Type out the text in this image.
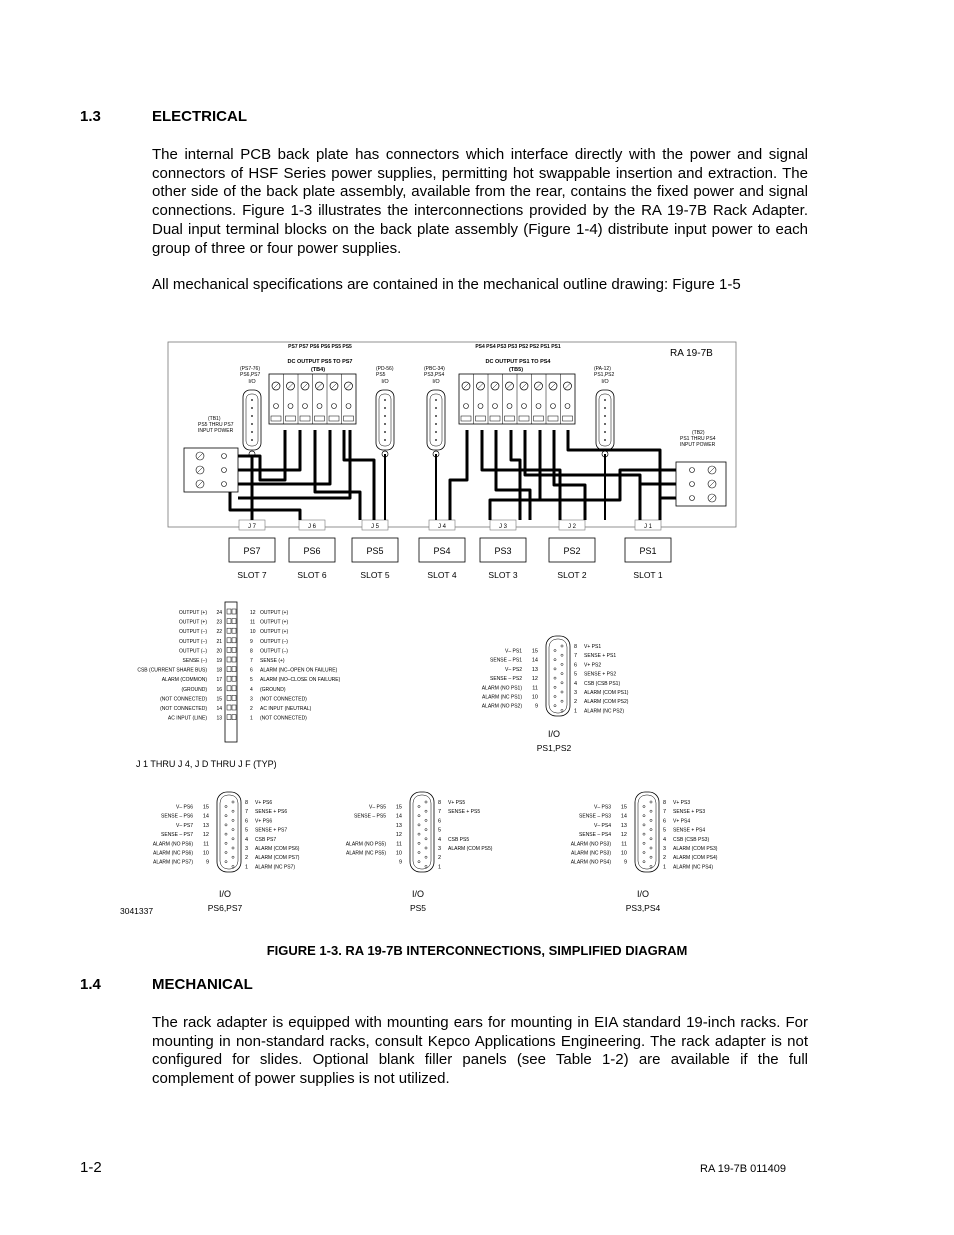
1.3	ELECTRICAL
The internal PCB back plate has connectors which interface directly with the power and signal connectors of HSF Series power supplies, permitting hot swappable insertion and extraction. The other side of the back plate assembly, available from the rear, contains the fixed power and signal connections. Figure 1-3 illustrates the interconnections provided by the RA 19-7B Rack Adapter. Dual input terminal blocks on the back plate assembly (Figure 1-4) distribute input power to each group of three or four power supplies.
All mechanical specifications are contained in the mechanical outline drawing: Figure 1-5
RA 19-7B
PS7 PS7 PS6 PS6 PS5 PS5
DC OUTPUT PS5 TO PS7
(TB4)
PS4 PS4 PS3 PS3 PS2 PS2 PS1 PS1
DC OUTPUT PS1 TO PS4
(TB5)
(PS7-76)
PS6,PS7
I/O
(PD-56)
PS5
I/O
(PBC-34)
PS3,PS4
I/O
(PA-12)
PS1,PS2
I/O
(TB1)
PS5 THRU PS7
INPUT POWER	(TB2)
PS1 THRU PS4
INPUT POWER
J 7
PS7
SLOT 7
J 6
PS6
SLOT 6
J 5
PS5
SLOT 5
J 4
PS4
SLOT 4
J 3
PS3
SLOT 3
J 2
PS2
SLOT 2
J 1
PS1
SLOT 1
OUTPUT (+) 24
OUTPUT (+) 23
OUTPUT (–) 22
OUTPUT (–) 21
OUTPUT (–) 20
SENSE (–) 19
CSB (CURRENT SHARE BUS) 18
ALARM (COMMON) 17
(GROUND) 16
(NOT CONNECTED) 15
(NOT CONNECTED) 14
AC INPUT (LINE) 13
12 OUTPUT (+)
11 OUTPUT (+)
10 OUTPUT (+)
9 OUTPUT (–)
8 OUTPUT (–)
7 SENSE (+)
6 ALARM (NC–OPEN ON FAILURE)
5 ALARM (NO–CLOSE ON FAILURE)
4 (GROUND)
3 (NOT CONNECTED)
2 AC INPUT (NEUTRAL)
1 (NOT CONNECTED)
J 1 THRU J 4, J D THRU J F (TYP)
V– PS1 15
SENSE – PS1 14
V– PS2 13
SENSE – PS2 12
ALARM (NO PS1) 11
ALARM (NC PS1) 10
ALARM (NO PS2) 9
8 V+ PS1
7 SENSE + PS1
6 V+ PS2
5 SENSE + PS2
4 CSB (CSB PS1)
3 ALARM (COM PS1)
2 ALARM (COM PS2)
1 ALARM (NC PS2)
I/O
PS1,PS2
V– PS6 15
SENSE – PS6 14
V– PS7 13
SENSE – PS7 12
ALARM (NO PS6) 11
ALARM (NC PS6) 10
ALARM (NC PS7) 9
8 V+ PS6
7 SENSE + PS6
6 V+ PS6
5 SENSE + PS7
4 CSB PS7
3 ALARM (COM PS6)
2 ALARM (COM PS7)
1 ALARM (NC PS7)
I/O
PS6,PS7
V– PS5 15
SENSE – PS5 14
13
12
ALARM (NO PS5) 11
ALARM (NC PS5) 10
9
8 V+ PS5
7 SENSE + PS5
6
5
4 CSB PS5
3 ALARM (COM PS5)
2
1
I/O
PS5
V– PS3 15
SENSE – PS3 14
V– PS4 13
SENSE – PS4 12
ALARM (NO PS3) 11
ALARM (NC PS3) 10
ALARM (NO PS4) 9
8 V+ PS3
7 SENSE + PS3
6 V+ PS4
5 SENSE + PS4
4 CSB (CSB PS3)
3 ALARM (COM PS3)
2 ALARM (COM PS4)
1 ALARM (NC PS4)
I/O
PS3,PS4
3041337
FIGURE 1-3. RA 19-7B INTERCONNECTIONS, SIMPLIFIED DIAGRAM
1.4	MECHANICAL
The rack adapter is equipped with mounting ears for mounting in EIA standard 19-inch racks. For mounting in non-standard racks, consult Kepco Applications Engineering. The rack adapter is not configured for slides. Optional blank filler panels (see Table 1-2) are available if the full complement of power supplies is not utilized.
1-2	RA 19-7B 011409
